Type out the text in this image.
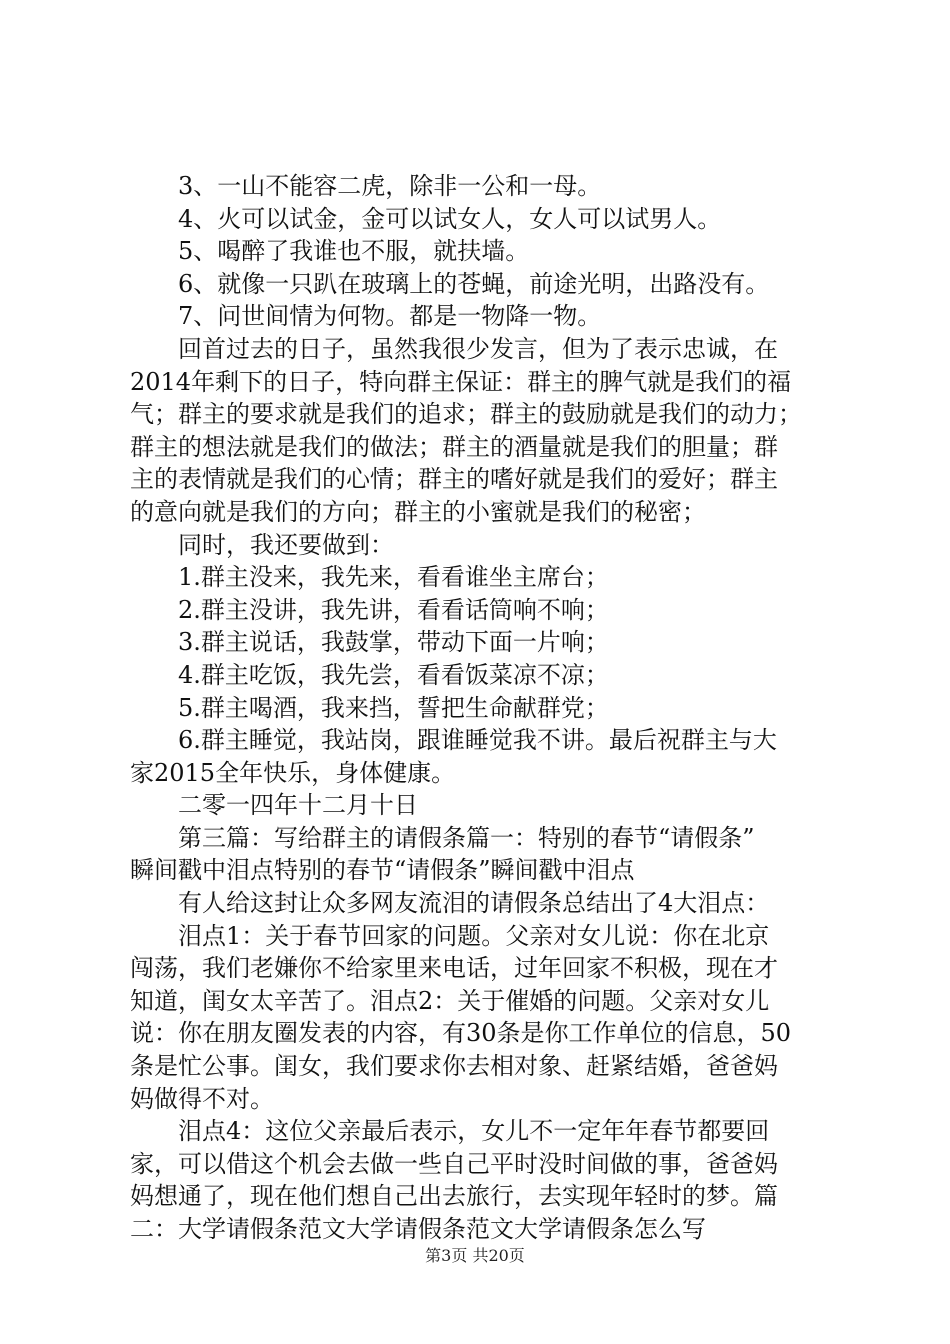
3、一山不能容二虎，除非一公和一母。
4、火可以试金，金可以试女人，女人可以试男人。
5、喝醉了我谁也不服，就扶墙。
6、就像一只趴在玻璃上的苍蝇，前途光明，出路没有。
7、问世间情为何物。都是一物降一物。
回首过去的日子，虽然我很少发言，但为了表示忠诚，在
2014年剩下的日子，特向群主保证：群主的脾气就是我们的福
气；群主的要求就是我们的追求；群主的鼓励就是我们的动力；
群主的想法就是我们的做法；群主的酒量就是我们的胆量；群
主的表情就是我们的心情；群主的嗜好就是我们的爱好；群主
的意向就是我们的方向；群主的小蜜就是我们的秘密；
同时，我还要做到：
1.群主没来，我先来，看看谁坐主席台；
2.群主没讲，我先讲，看看话筒响不响；
3.群主说话，我鼓掌，带动下面一片响；
4.群主吃饭，我先尝，看看饭菜凉不凉；
5.群主喝酒，我来挡，誓把生命献群党；
6.群主睡觉，我站岗，跟谁睡觉我不讲。最后祝群主与大
家2015全年快乐，身体健康。
二零一四年十二月十日
第三篇：写给群主的请假条篇一：特别的春节“请假条”
瞬间戳中泪点特别的春节“请假条”瞬间戳中泪点
有人给这封让众多网友流泪的请假条总结出了4大泪点：
泪点1：关于春节回家的问题。父亲对女儿说：你在北京
闯荡，我们老嫌你不给家里来电话，过年回家不积极，现在才
知道，闺女太辛苦了。泪点2：关于催婚的问题。父亲对女儿
说：你在朋友圈发表的内容，有30条是你工作单位的信息，50
条是忙公事。闺女，我们要求你去相对象、赶紧结婚，爸爸妈
妈做得不对。
泪点4：这位父亲最后表示，女儿不一定年年春节都要回
家，可以借这个机会去做一些自己平时没时间做的事，爸爸妈
妈想通了，现在他们想自己出去旅行，去实现年轻时的梦。篇
二：大学请假条范文大学请假条范文大学请假条怎么写
第3页 共20页
